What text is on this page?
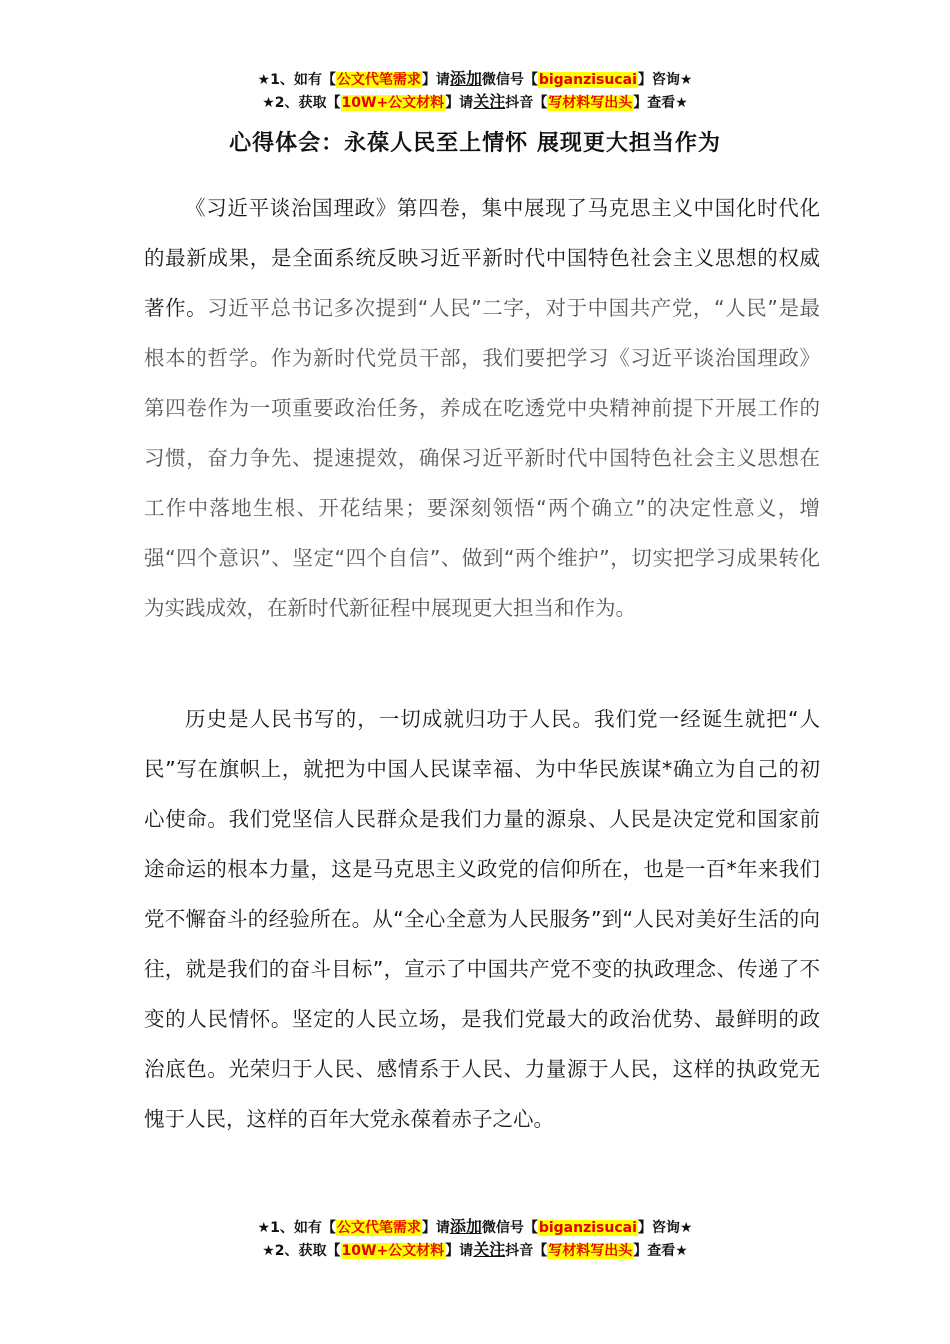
★1、如有【公文代笔需求】请添加微信号【biganzisucai】咨询★
★2、获取【10W+公文材料】请关注抖音【写材料写出头】查看★
心得体会：永葆人民至上情怀 展现更大担当作为

《习近平谈治国理政》第四卷，集中展现了马克思主义中国化时代化的最新成果，是全面系统反映习近平新时代中国特色社会主义思想的权威著作。习近平总书记多次提到“人民”二字，对于中国共产党，“人民”是最根本的哲学。作为新时代党员干部，我们要把学习《习近平谈治国理政》第四卷作为一项重要政治任务，养成在吃透党中央精神前提下开展工作的习惯，奋力争先、提速提效，确保习近平新时代中国特色社会主义思想在工作中落地生根、开花结果；要深刻领悟“两个确立”的决定性意义，增强“四个意识”、坚定“四个自信”、做到“两个维护”，切实把学习成果转化为实践成效，在新时代新征程中展现更大担当和作为。

历史是人民书写的，一切成就归功于人民。我们党一经诞生就把“人民”写在旗帜上，就把为中国人民谋幸福、为中华民族谋*确立为自己的初心使命。我们党坚信人民群众是我们力量的源泉、人民是决定党和国家前途命运的根本力量，这是马克思主义政党的信仰所在，也是一百*年来我们党不懈奋斗的经验所在。从“全心全意为人民服务”到“人民对美好生活的向往，就是我们的奋斗目标”，宣示了中国共产党不变的执政理念、传递了不变的人民情怀。坚定的人民立场，是我们党最大的政治优势、最鲜明的政治底色。光荣归于人民、感情系于人民、力量源于人民，这样的执政党无愧于人民，这样的百年大党永葆着赤子之心。

★1、如有【公文代笔需求】请添加微信号【biganzisucai】咨询★
★2、获取【10W+公文材料】请关注抖音【写材料写出头】查看★
